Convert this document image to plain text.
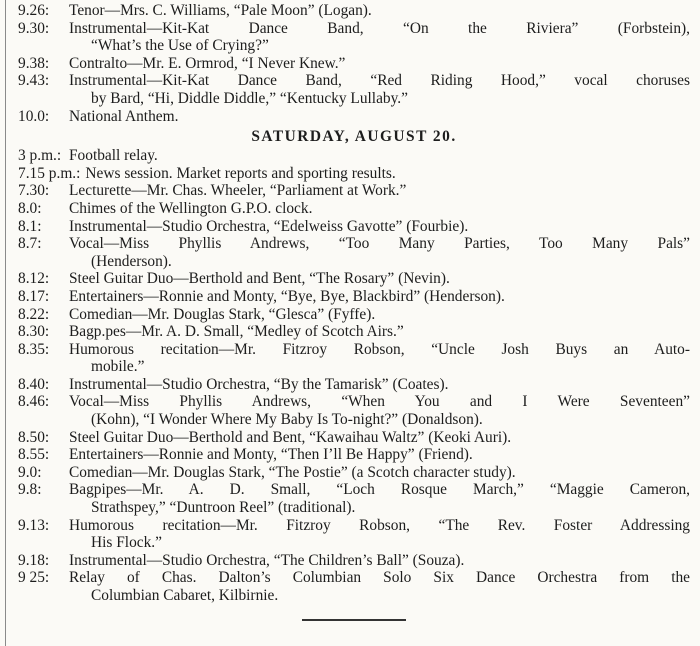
9.26: Tenor—Mrs. C. Williams, “Pale Moon” (Logan).
9.30: Instrumental—Kit-Kat Dance Band, “On the Riviera” (Forbstein),
“What’s the Use of Crying?”
9.38: Contralto—Mr. E. Ormrod, “I Never Knew.”
9.43: Instrumental—Kit-Kat Dance Band, “Red Riding Hood,” vocal choruses
by Bard, “Hi, Diddle Diddle,” “Kentucky Lullaby.”
10.0: National Anthem.
SATURDAY, AUGUST 20.
3 p.m.: Football relay.
7.15 p.m.: News session. Market reports and sporting results.
7.30: Lecturette—Mr. Chas. Wheeler, “Parliament at Work.”
8.0: Chimes of the Wellington G.P.O. clock.
8.1: Instrumental—Studio Orchestra, “Edelweiss Gavotte” (Fourbie).
8.7: Vocal—Miss Phyllis Andrews, “Too Many Parties, Too Many Pals”
(Henderson).
8.12: Steel Guitar Duo—Berthold and Bent, “The Rosary” (Nevin).
8.17: Entertainers—Ronnie and Monty, “Bye, Bye, Blackbird” (Henderson).
8.22: Comedian—Mr. Douglas Stark, “Glesca” (Fyffe).
8.30: Bagp.pes—Mr. A. D. Small, “Medley of Scotch Airs.”
8.35: Humorous recitation—Mr. Fitzroy Robson, “Uncle Josh Buys an Auto-
mobile.”
8.40: Instrumental—Studio Orchestra, “By the Tamarisk” (Coates).
8.46: Vocal—Miss Phyllis Andrews, “When You and I Were Seventeen”
(Kohn), “I Wonder Where My Baby Is To-night?” (Donaldson).
8.50: Steel Guitar Duo—Berthold and Bent, “Kawaihau Waltz” (Keoki Auri).
8.55: Entertainers—Ronnie and Monty, “Then I’ll Be Happy” (Friend).
9.0: Comedian—Mr. Douglas Stark, “The Postie” (a Scotch character study).
9.8: Bagpipes—Mr. A. D. Small, “Loch Rosque March,” “Maggie Cameron,
Strathspey,” “Duntroon Reel” (traditional).
9.13: Humorous recitation—Mr. Fitzroy Robson, “The Rev. Foster Addressing
His Flock.”
9.18: Instrumental—Studio Orchestra, “The Children’s Ball” (Souza).
9 25: Relay of Chas. Dalton’s Columbian Solo Six Dance Orchestra from the
Columbian Cabaret, Kilbirnie.
